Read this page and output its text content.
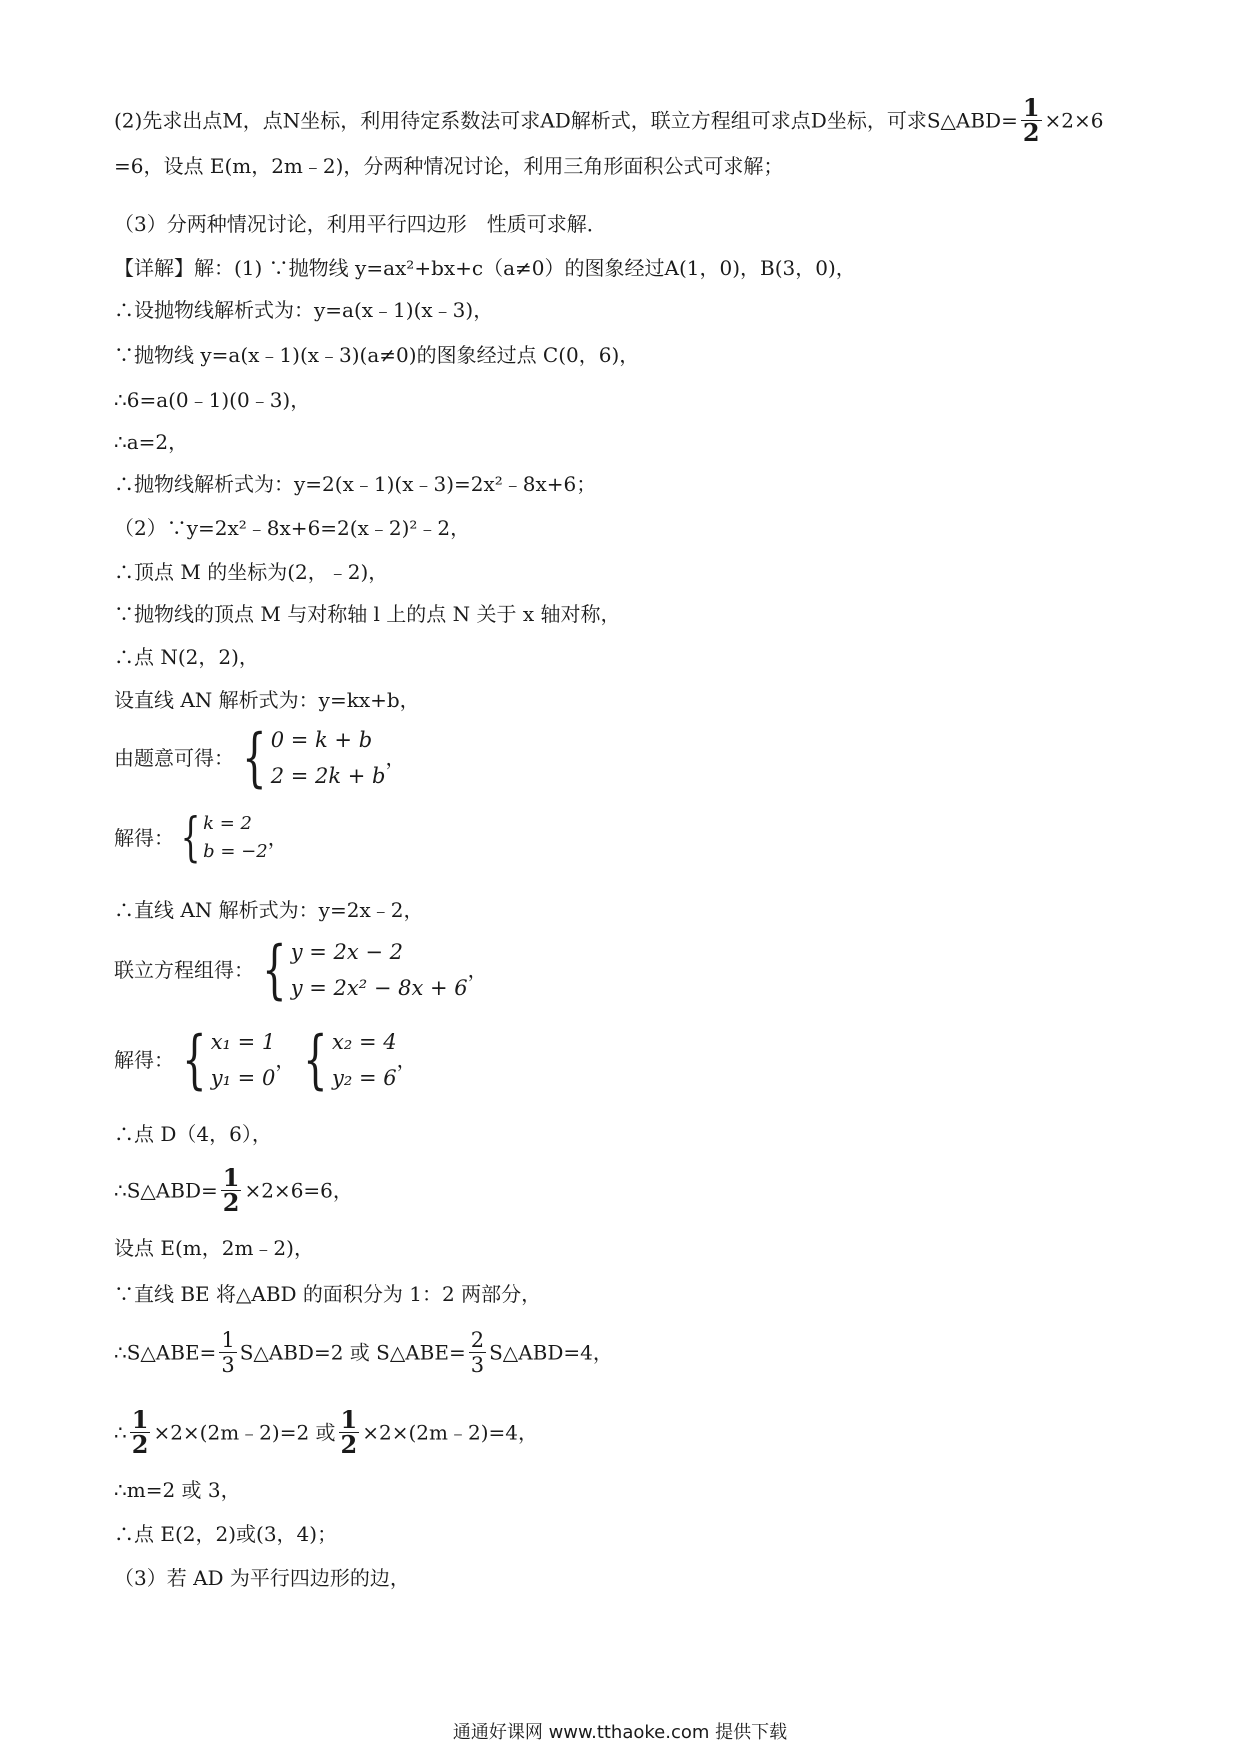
(2)先求出点M，点N坐标，利用待定系数法可求AD解析式，联立方程组可求点D坐标，可求S△ABD= $\frac{1}{2} \times 2\times 6$
=6，设点 E(m，2m﹣2)，分两种情况讨论，利用三角形面积公式可求解；
（3）分两种情况讨论，利用平行四边形　性质可求解．
【详解】解：(1) ∵抛物线 y=ax²+bx+c（a≠0）的图象经过A(1，0)，B(3，0)，
∴设抛物线解析式为：y=a(x﹣1)(x﹣3)，
∵抛物线 y=a(x﹣1)(x﹣3)(a≠0)的图象经过点 C(0，6)，
∴6=a(0﹣1)(0﹣3)，
∴a=2，
∴抛物线解析式为：y=2(x﹣1)(x﹣3)=2x²﹣8x+6；
（2）∵y=2x²﹣8x+6=2(x﹣2)²﹣2，
∴顶点 M 的坐标为(2，﹣2)，
∵抛物线的顶点 M 与对称轴 l 上的点 N 关于 x 轴对称，
∴点 N(2，2)，
设直线 AN 解析式为：y=kx+b，
由题意可得： { 0 = k + b
2 = 2k + b
，
解得： { k = 2
b = −2
，
∴直线 AN 解析式为：y=2x﹣2，
联立方程组得： { y = 2x − 2
y = 2x² − 8x + 6
，
解得： { x₁ = 1
y₁ = 0
， { x₂ = 4
y₂ = 6
，
∴点 D（4，6），
∴S△ABD= $\frac{1}{2} \times 2\times 6=6$，
设点 E(m，2m﹣2)，
∵直线 BE 将△ABD 的面积分为 1：2 两部分，
∴S△ABE= $\frac{1}{3}$ S△ABD=2 或 S△ABE= $\frac{2}{3}$ S△ABD=4，
∴ $\frac{1}{2}$ ×2×(2m﹣2)=2 或 $\frac{1}{2}$ ×2×(2m﹣2)=4，
∴m=2 或 3，
∴点 E(2，2)或(3，4)；
（3）若 AD 为平行四边形的边，
通通好课网 www.tthaoke.com 提供下载
